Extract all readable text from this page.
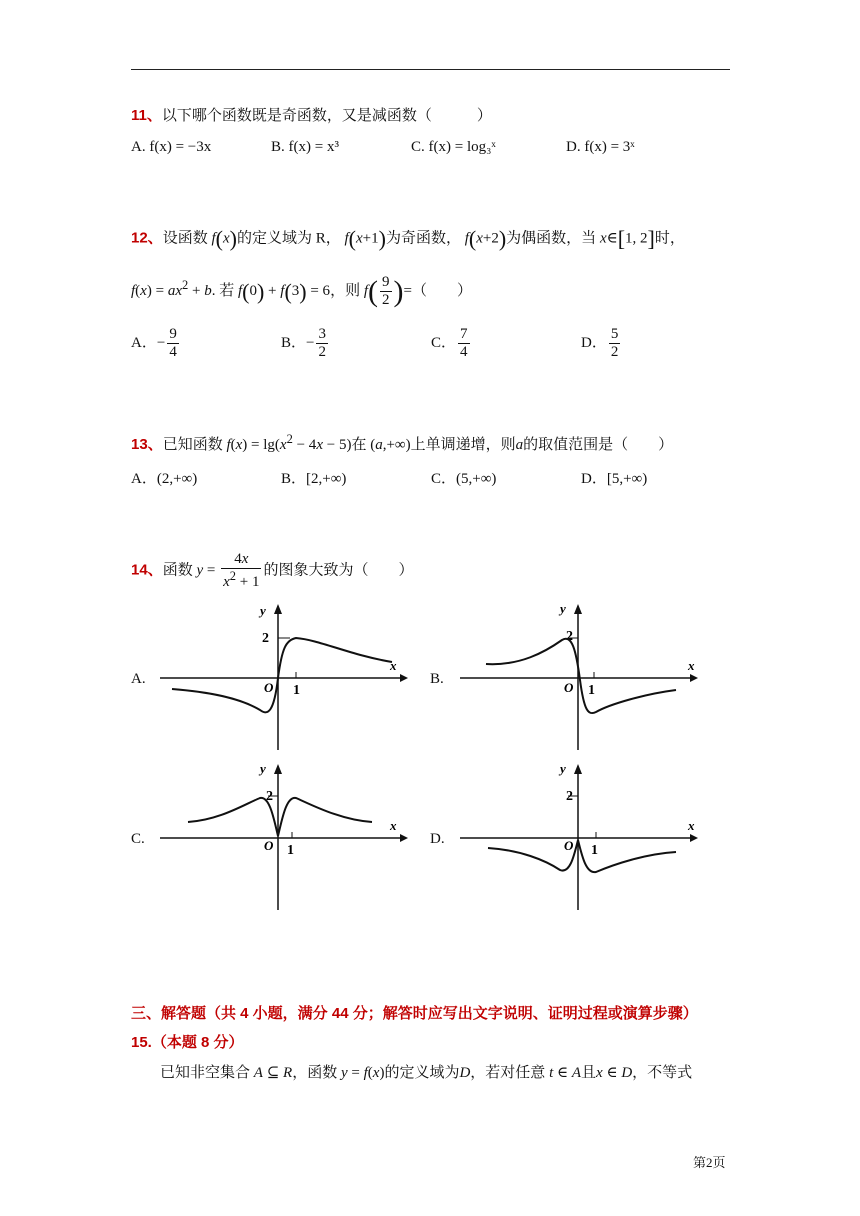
11、以下哪个函数既是奇函数，又是减函数（　　　）
A. f(x) = −3x	B. f(x) = x³	C. f(x) = log₃ˣ	D. f(x) = 3ˣ
12、设函数 f(x)的定义域为 R， f(x+1)为奇函数， f(x+2)为偶函数，当 x∈[1, 2]时，
$f(x) = ax^2 + b$. 若 f(0) + f(3) = 6，则 $f( \frac{9}{2}$ )=（　　）
A．− $\frac{9}{4}$	B．− $\frac{3}{2}$	C． $\frac{7}{4}$	D． $\frac{5}{2}$
13、已知函数 $f(x) = \lg(x^2 - 4x - 5)$在 (a,+∞)上单调递增，则a的取值范围是（　　）
A．(2,+∞)	B．[2,+∞)	C．(5,+∞)	D．[5,+∞)
14、函数 $y = \frac{4x}{x^2 + 1}$ 的图象大致为（　　）
A.	B.
C.	D.
y
x
O 1
2
y
x
O 1
2
y
x
O 1
2
y
x
O 1
2
三、解答题（共 4 小题，满分 44 分；解答时应写出文字说明、证明过程或演算步骤）
15.（本题 8 分）
已知非空集合 A ⊆ R，函数 y = f(x)的定义域为D，若对任意 t ∈ A且x ∈ D，不等式
第2页
